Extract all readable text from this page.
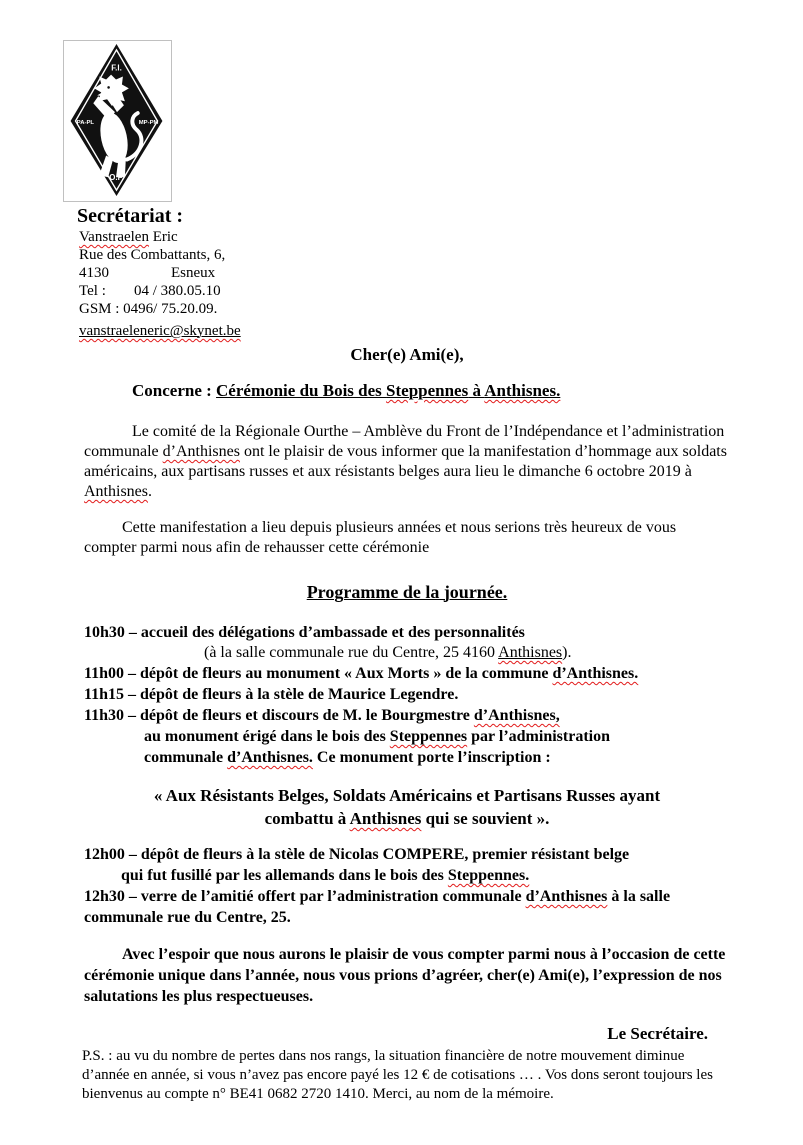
F.I.
PA-PL	MP-PM
O.F.
Secrétariat :
Vanstraelen Eric
Rue des Combattants, 6,
4130	Esneux
Tel : 04 / 380.05.10
GSM : 0496/ 75.20.09.
vanstraeleneric@skynet.be
Cher(e) Ami(e),
Concerne : Cérémonie du Bois des Steppennes à Anthisnes.

Le comité de la Régionale Ourthe – Amblève du Front de l’Indépendance et l’administration communale d’Anthisnes ont le plaisir de vous informer que la manifestation d’hommage aux soldats américains, aux partisans russes et aux résistants belges aura lieu le dimanche 6 octobre 2019 à Anthisnes.

Cette manifestation a lieu depuis plusieurs années et nous serions très heureux de vous compter parmi nous afin de rehausser cette cérémonie

Programme de la journée.
10h30 – accueil des délégations d’ambassade et des personnalités
(à la salle communale rue du Centre, 25 4160 Anthisnes).
11h00 – dépôt de fleurs au monument « Aux Morts » de la commune d’Anthisnes.
11h15 – dépôt de fleurs à la stèle de Maurice Legendre.
11h30 – dépôt de fleurs et discours de M. le Bourgmestre d’Anthisnes,
au monument érigé dans le bois des Steppennes par l’administration
communale d’Anthisnes. Ce monument porte l’inscription :
« Aux Résistants Belges, Soldats Américains et Partisans Russes ayant combattu à Anthisnes qui se souvient ».
12h00 – dépôt de fleurs à la stèle de Nicolas COMPERE, premier résistant belge
qui fut fusillé par les allemands dans le bois des Steppennes.
12h30 – verre de l’amitié offert par l’administration communale d’Anthisnes à la salle communale rue du Centre, 25.

Avec l’espoir que nous aurons le plaisir de vous compter parmi nous à l’occasion de cette cérémonie unique dans l’année, nous vous prions d’agréer, cher(e) Ami(e), l’expression de nos salutations les plus respectueuses.

Le Secrétaire.

P.S. : au vu du nombre de pertes dans nos rangs, la situation financière de notre mouvement diminue d’année en année, si vous n’avez pas encore payé les 12 € de cotisations … . Vos dons seront toujours les bienvenus au compte n° BE41 0682 2720 1410. Merci, au nom de la mémoire.
